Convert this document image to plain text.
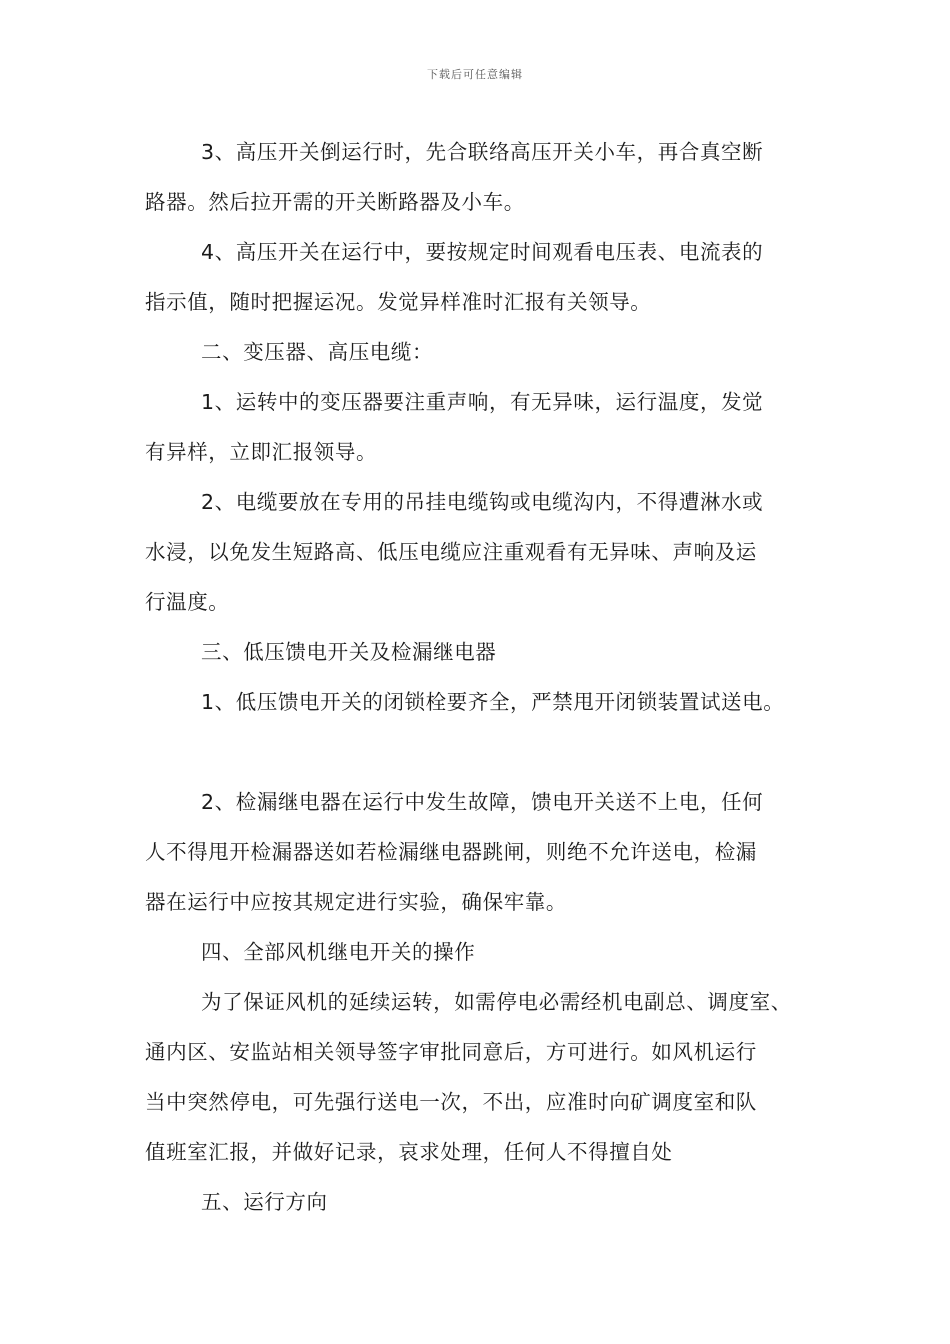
下载后可任意编辑
3、高压开关倒运行时，先合联络高压开关小车，再合真空断
路器。然后拉开需的开关断路器及小车。
4、高压开关在运行中，要按规定时间观看电压表、电流表的
指示值，随时把握运况。发觉异样准时汇报有关领导。
二、变压器、高压电缆：
1、运转中的变压器要注重声响，有无异味，运行温度，发觉
有异样，立即汇报领导。
2、电缆要放在专用的吊挂电缆钩或电缆沟内，不得遭淋水或
水浸，以免发生短路高、低压电缆应注重观看有无异味、声响及运
行温度。
三、低压馈电开关及检漏继电器
1、低压馈电开关的闭锁栓要齐全，严禁甩开闭锁装置试送电。
2、检漏继电器在运行中发生故障，馈电开关送不上电，任何
人不得甩开检漏器送如若检漏继电器跳闸，则绝不允许送电，检漏
器在运行中应按其规定进行实验，确保牢靠。
四、全部风机继电开关的操作
为了保证风机的延续运转，如需停电必需经机电副总、调度室、
通内区、安监站相关领导签字审批同意后，方可进行。如风机运行
当中突然停电，可先强行送电一次，不出，应准时向矿调度室和队
值班室汇报，并做好记录，哀求处理，任何人不得擅自处
五、运行方向
